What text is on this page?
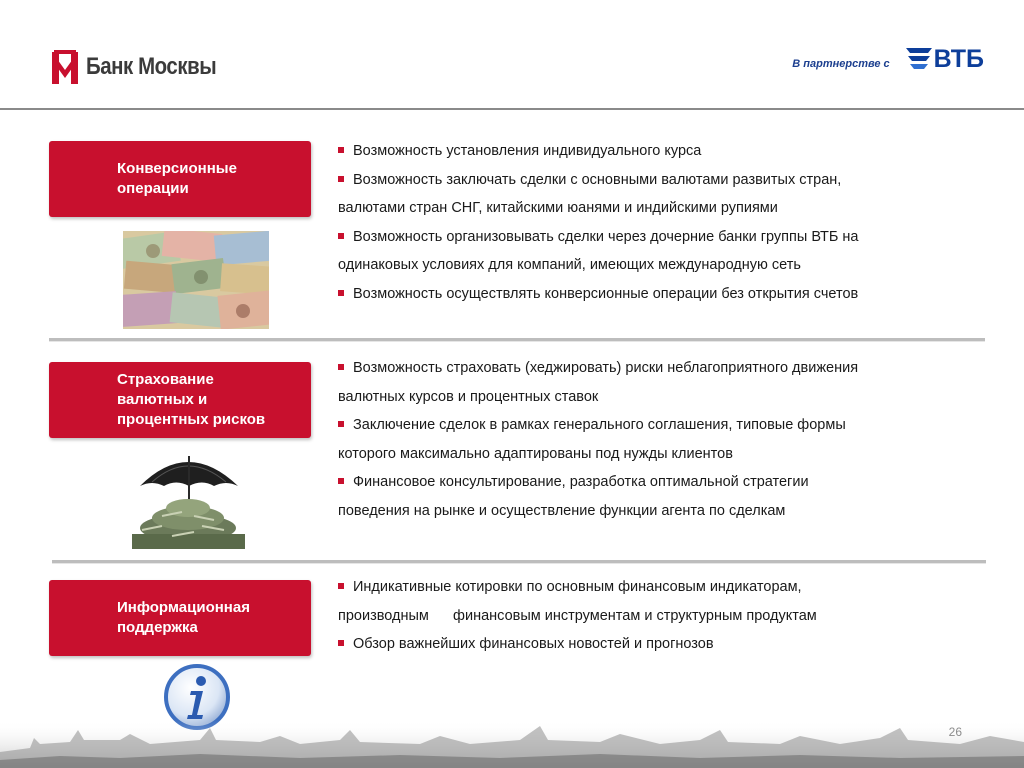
Банк Москвы	В партнерстве с ВТБ
Конверсионные
операции

Возможность установления индивидуального курса

Возможность заключать сделки с основными валютами развитых стран,

валютами стран СНГ, китайскими юанями и индийскими рупиями

Возможность организовывать сделки через дочерние банки группы ВТБ на

одинаковых условиях для компаний, имеющих международную сеть

Возможность осуществлять конверсионные операции без открытия счетов

Страхование
валютных и
процентных рисков

Возможность страховать (хеджировать) риски неблагоприятного движения

валютных курсов и процентных ставок

Заключение сделок в рамках генерального соглашения, типовые формы

которого максимально адаптированы под нужды клиентов

Финансовое консультирование, разработка оптимальной стратегии

поведения на рынке и осуществление функции агента по сделкам

Информационная
поддержка

Индикативные котировки по основным финансовым индикаторам,

производным      финансовым инструментам и структурным продуктам

Обзор важнейших финансовых новостей и прогнозов

26
